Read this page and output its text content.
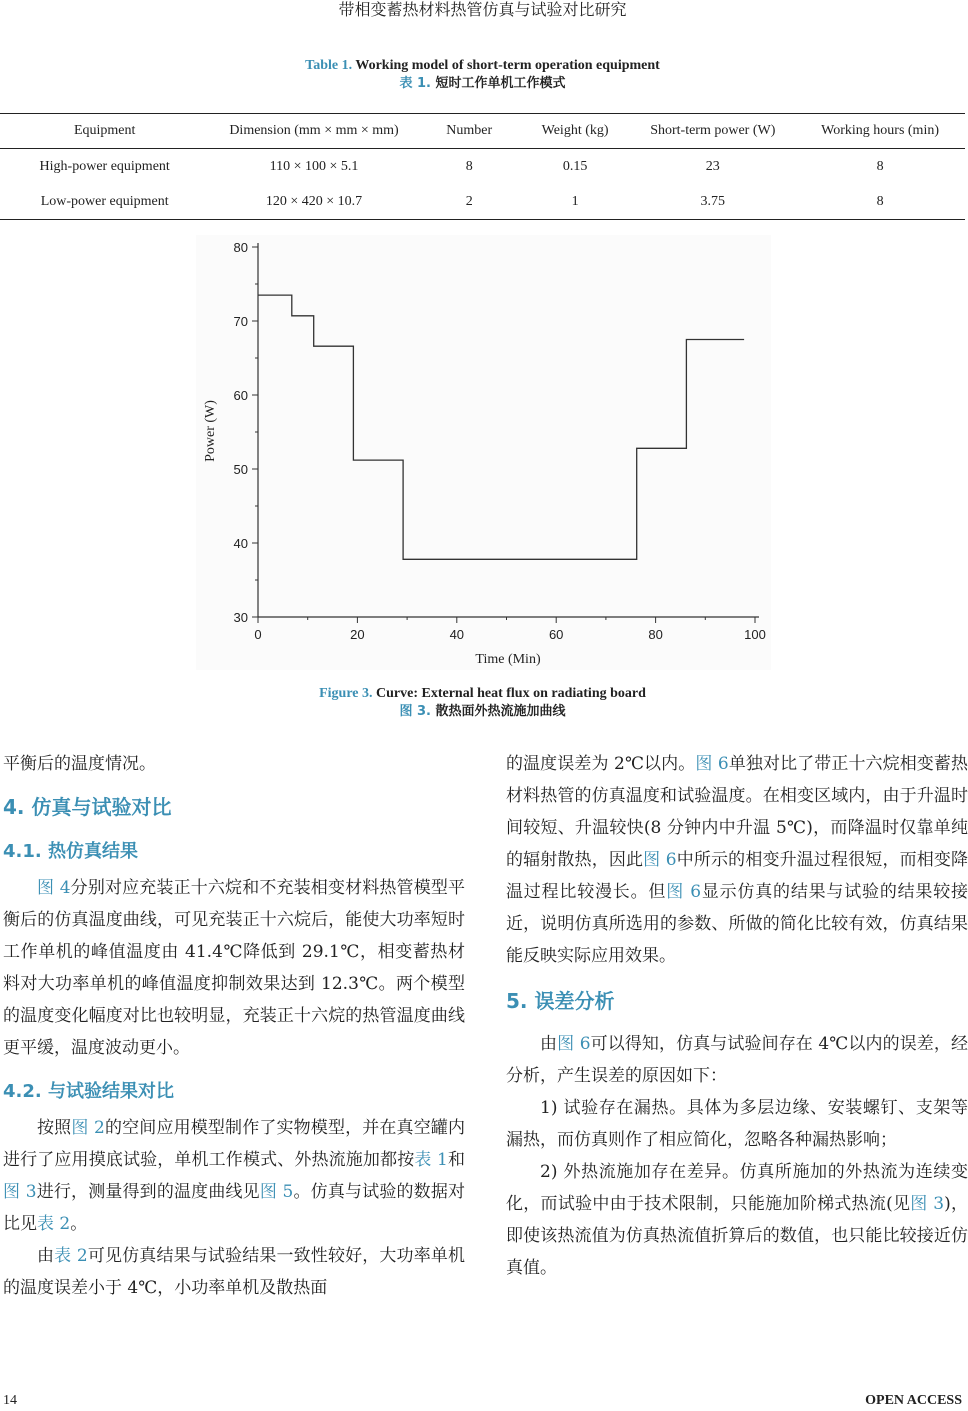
带相变蓄热材料热管仿真与试验对比研究
Table 1. Working model of short-term operation equipment
表 1. 短时工作单机工作模式
Equipment	Dimension (mm × mm × mm)	Number	Weight (kg)	Short-term power (W)	Working hours (min)
High-power equipment	110 × 100 × 5.1	8	0.15	23	8
Low-power equipment	120 × 420 × 10.7	2	1	3.75	8
0	20	40	60	80	100
30
40
50
60
70
80
Time (Min)
Power (W)
Figure 3. Curve: External heat flux on radiating board
图 3. 散热面外热流施加曲线

平衡后的温度情况。

4. 仿真与试验对比

4.1. 热仿真结果

图 4分别对应充装正十六烷和不充装相变材料热管模型平衡后的仿真温度曲线，可见充装正十六烷后，能使大功率短时工作单机的峰值温度由 41.4℃降低到 29.1℃，相变蓄热材料对大功率单机的峰值温度抑制效果达到 12.3℃。两个模型的温度变化幅度对比也较明显，充装正十六烷的热管温度曲线更平缓，温度波动更小。

4.2. 与试验结果对比

按照图 2的空间应用模型制作了实物模型，并在真空罐内进行了应用摸底试验，单机工作模式、外热流施加都按表 1和图 3进行，测量得到的温度曲线见图 5。仿真与试验的数据对比见表 2。

由表 2可见仿真结果与试验结果一致性较好，大功率单机的温度误差小于 4℃，小功率单机及散热面

的温度误差为 2℃以内。图 6单独对比了带正十六烷相变蓄热材料热管的仿真温度和试验温度。在相变区域内，由于升温时间较短、升温较快(8 分钟内中升温 5℃)，而降温时仅靠单纯的辐射散热，因此图 6中所示的相变升温过程很短，而相变降温过程比较漫长。但图 6显示仿真的结果与试验的结果较接近，说明仿真所选用的参数、所做的简化比较有效，仿真结果能反映实际应用效果。

5. 误差分析

由图 6可以得知，仿真与试验间存在 4℃以内的误差，经分析，产生误差的原因如下：

1) 试验存在漏热。具体为多层边缘、安装螺钉、支架等漏热，而仿真则作了相应简化，忽略各种漏热影响；

2) 外热流施加存在差异。仿真所施加的外热流为连续变化，而试验中由于技术限制，只能施加阶梯式热流(见图 3)，即使该热流值为仿真热流值折算后的数值，也只能比较接近仿真值。

14	OPEN ACCESS
